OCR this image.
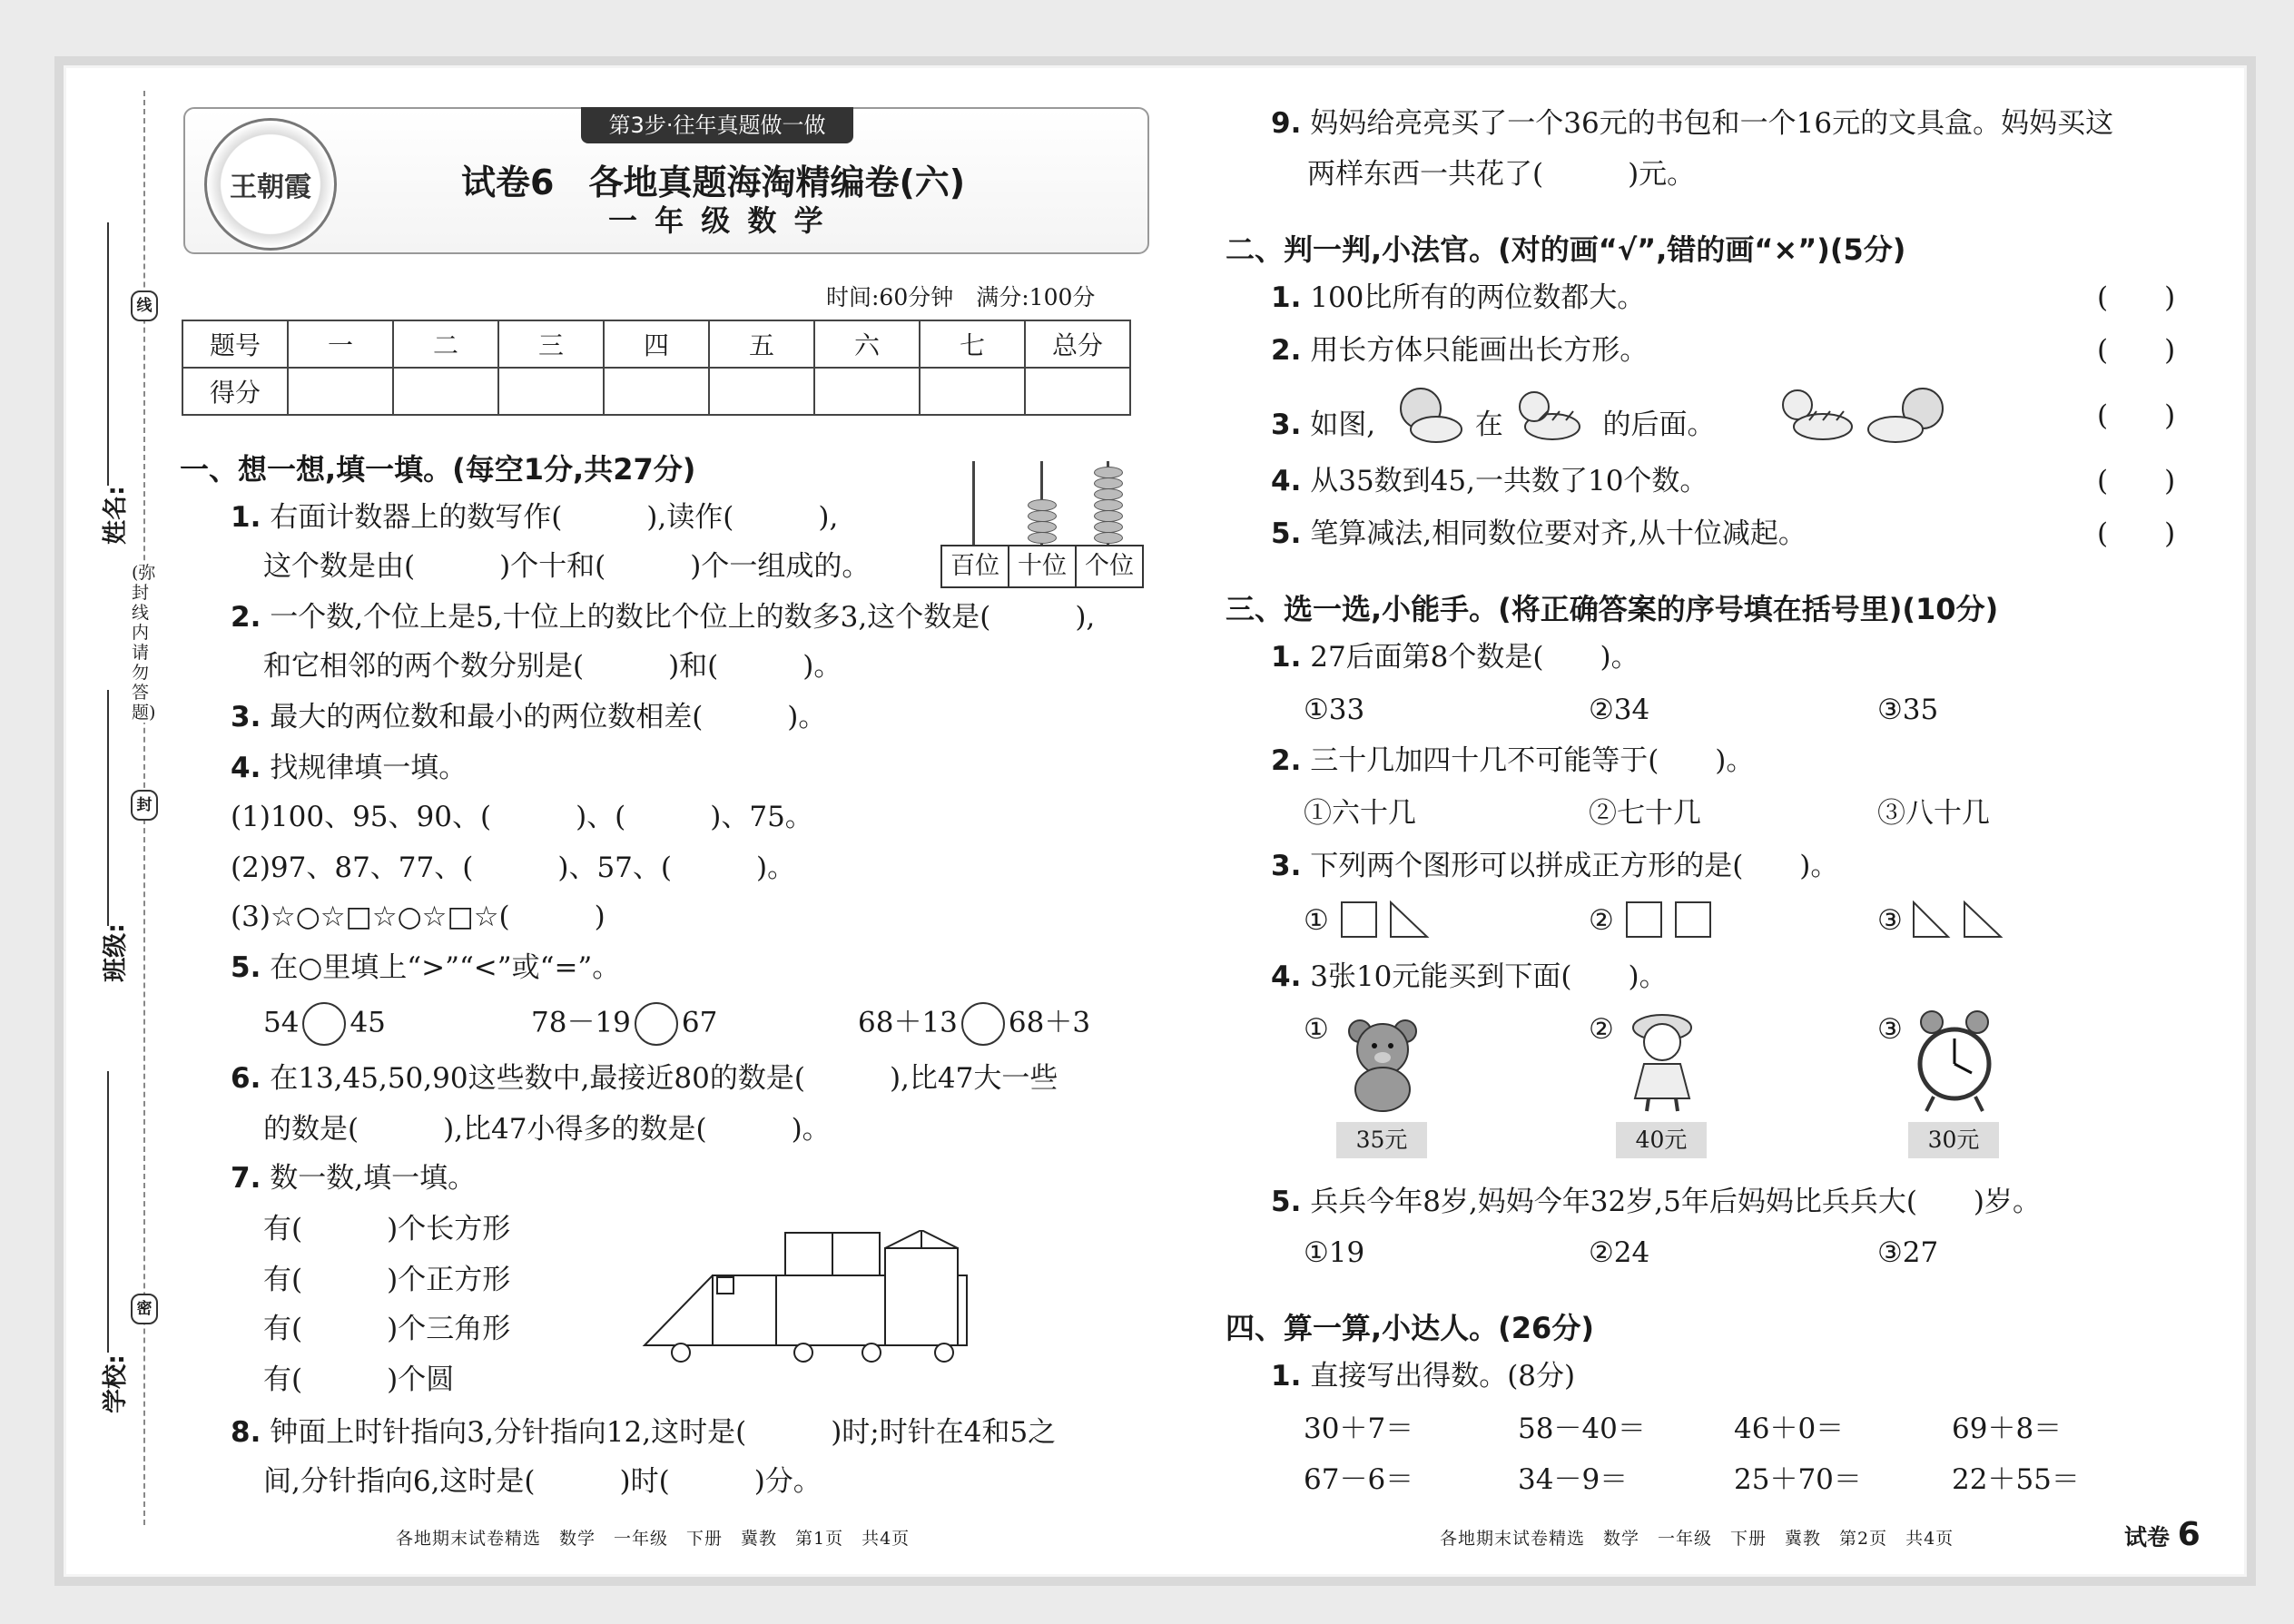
姓名:
班级:
学校:
线
封
密
(弥封线内请勿答题)
第3步·往年真题做一做
王朝霞	试卷6　各地真题海淘精编卷(六)
一 年 级 数 学
时间:60分钟　满分:100分
题号	一	二	三	四	五	六	七	总分
得分								
一、想一想,填一填。(每空1分,共27分)
1. 右面计数器上的数写作(　　　),读作(　　　),
这个数是由(　　　)个十和(　　　)个一组成的。	百位 十位 个位
2. 一个数,个位上是5,十位上的数比个位上的数多3,这个数是(　　　),
和它相邻的两个数分别是(　　　)和(　　　)。
3. 最大的两位数和最小的两位数相差(　　　)。
4. 找规律填一填。
(1)100、95、90、(　　　)、(　　　)、75。
(2)97、87、77、(　　　)、57、(　　　)。
(3)☆○☆□☆○☆□☆(　　　)
5. 在○里填上“>”“<”或“=”。
54 45	78－19 67	68＋13 68＋3
6. 在13,45,50,90这些数中,最接近80的数是(　　　),比47大一些
的数是(　　　),比47小得多的数是(　　　)。
7. 数一数,填一填。
有(　　　)个长方形
有(　　　)个正方形
有(　　　)个三角形
有(　　　)个圆
8. 钟面上时针指向3,分针指向12,这时是(　　　)时;时针在4和5之
间,分针指向6,这时是(　　　)时(　　　)分。
各地期末试卷精选　数学　一年级　下册　冀教　第1页　共4页
9. 妈妈给亮亮买了一个36元的书包和一个16元的文具盒。妈妈买这
两样东西一共花了(　　　)元。
二、判一判,小法官。(对的画“√”,错的画“×”)(5分)
1. 100比所有的两位数都大。	(　　)
2. 用长方体只能画出长方形。	(　　)
3. 如图,	在	的后面。	(　　)
4. 从35数到45,一共数了10个数。	(　　)
5. 笔算减法,相同数位要对齐,从十位减起。	(　　)
三、选一选,小能手。(将正确答案的序号填在括号里)(10分)
1. 27后面第8个数是(　　)。
①33	②34	③35
2. 三十几加四十几不可能等于(　　)。
①六十几	②七十几	③八十几
3. 下列两个图形可以拼成正方形的是(　　)。
①	②	③
4. 3张10元能买到下面(　　)。
①
35元
②
40元
③
30元
5. 兵兵今年8岁,妈妈今年32岁,5年后妈妈比兵兵大(　　)岁。
①19	②24	③27
四、算一算,小达人。(26分)
1. 直接写出得数。(8分)
30＋7＝	58－40＝	46＋0＝	69＋8＝
67－6＝	34－9＝	25＋70＝	22＋55＝
各地期末试卷精选　数学　一年级　下册　冀教　第2页　共4页	试卷 6
